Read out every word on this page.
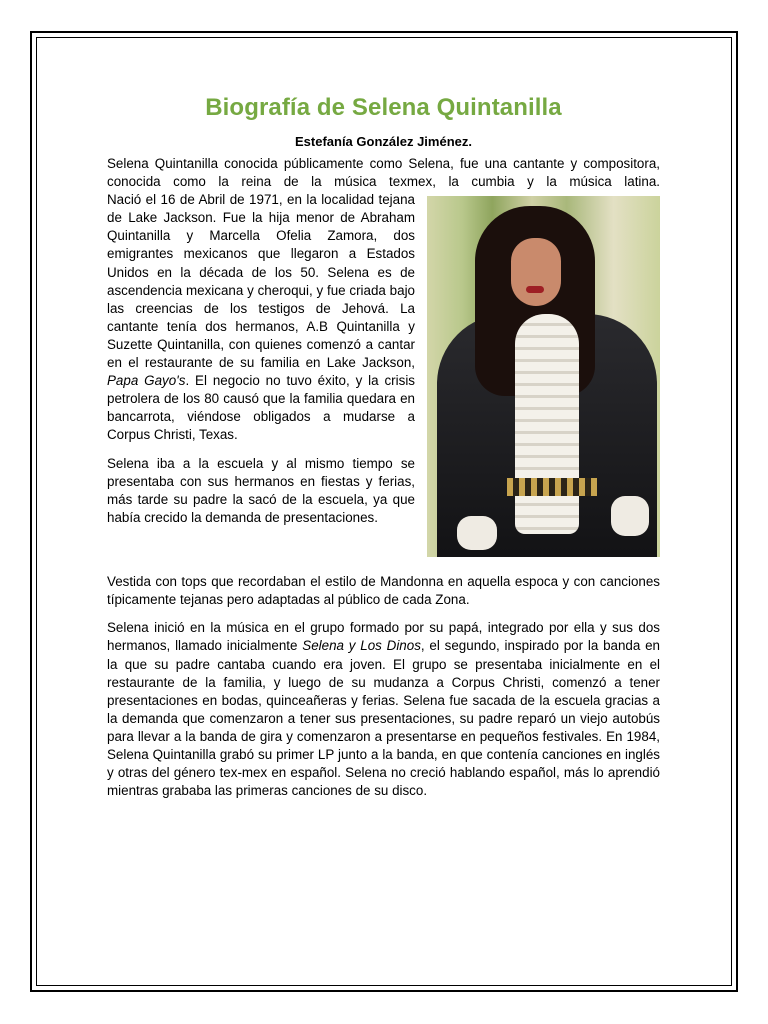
Biografía de Selena Quintanilla
Estefanía González Jiménez.

Selena Quintanilla conocida públicamente como Selena, fue una cantante y compositora, conocida como la reina de la música texmex, la cumbia y la música latina.

Nació el 16 de Abril de 1971, en la localidad tejana de Lake Jackson. Fue la hija menor de Abraham Quintanilla y Marcella Ofelia Zamora, dos emigrantes mexicanos que llegaron a Estados Unidos en la década de los 50. Selena es de ascendencia mexicana y cheroqui, y fue criada bajo las creencias de los testigos de Jehová. La cantante tenía dos hermanos, A.B Quintanilla y Suzette Quintanilla, con quienes comenzó a cantar en el restaurante de su familia en Lake Jackson, Papa Gayo's. El negocio no tuvo éxito, y la crisis petrolera de los 80 causó que la familia quedara en bancarrota, viéndose obligados a mudarse a Corpus Christi, Texas.

Selena iba a la escuela y al mismo tiempo se presentaba con sus hermanos en fiestas y ferias, más tarde su padre la sacó de la escuela, ya que había crecido la demanda de presentaciones.

Vestida con tops que recordaban el estilo de Mandonna en aquella espoca y con canciones típicamente tejanas pero adaptadas al público de cada Zona.

Selena inició en la música en el grupo formado por su papá, integrado por ella y sus dos hermanos, llamado inicialmente Selena y Los Dinos, el segundo, inspirado por la banda en la que su padre cantaba cuando era joven. El grupo se presentaba inicialmente en el restaurante de la familia, y luego de su mudanza a Corpus Christi, comenzó a tener presentaciones en bodas, quinceañeras y ferias. Selena fue sacada de la escuela gracias a la demanda que comenzaron a tener sus presentaciones, su padre reparó un viejo autobús para llevar a la banda de gira y comenzaron a presentarse en pequeños festivales. En 1984, Selena Quintanilla grabó su primer LP junto a la banda, en que contenía canciones en inglés y otras del género tex-mex en español. Selena no creció hablando español, más lo aprendió mientras grababa las primeras canciones de su disco.
